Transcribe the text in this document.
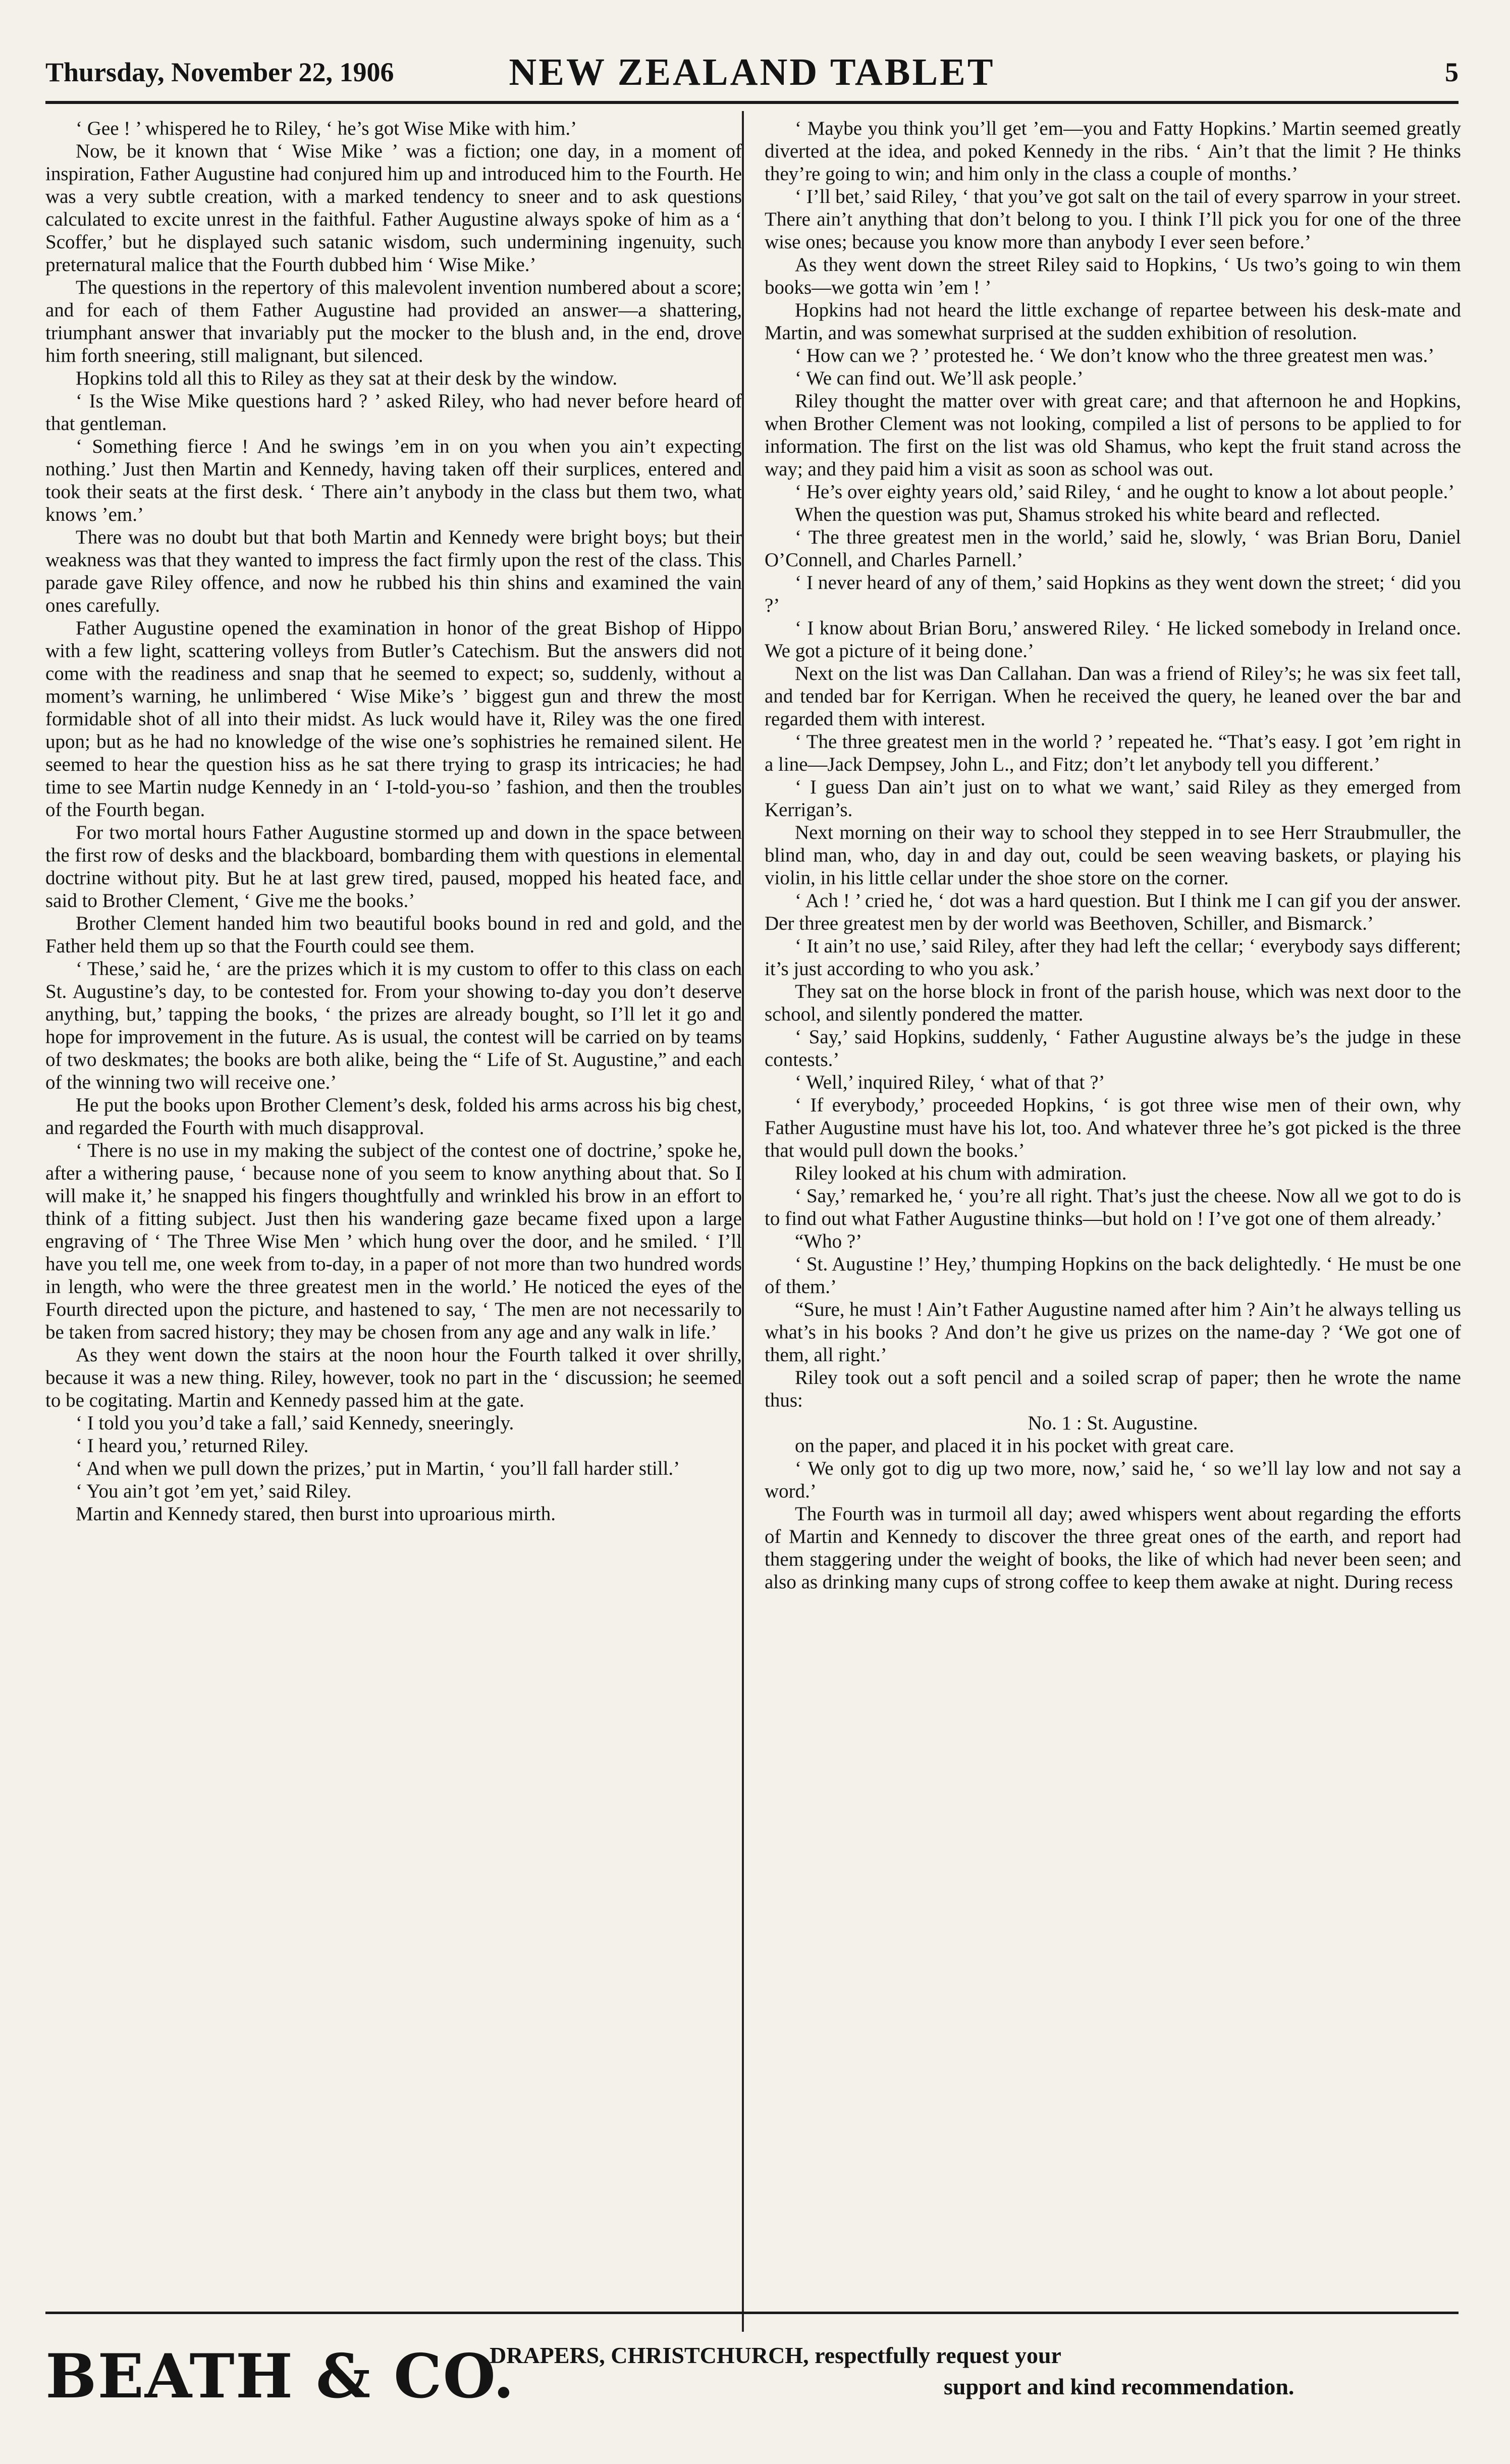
Thursday, November 22, 1906	NEW ZEALAND TABLET	5

‘ Gee ! ’ whispered he to Riley, ‘ he’s got Wise Mike with him.’

Now, be it known that ‘ Wise Mike ’ was a fiction; one day, in a moment of inspiration, Father Augustine had conjured him up and introduced him to the Fourth. He was a very subtle creation, with a marked tendency to sneer and to ask questions calculated to excite unrest in the faithful. Father Augustine always spoke of him as a ‘ Scoffer,’ but he displayed such satanic wisdom, such undermining ingenuity, such preternatural malice that the Fourth dubbed him ‘ Wise Mike.’

The questions in the repertory of this malevolent invention numbered about a score; and for each of them Father Augustine had provided an answer—a shattering, triumphant answer that invariably put the mocker to the blush and, in the end, drove him forth sneering, still malignant, but silenced.

Hopkins told all this to Riley as they sat at their desk by the window.

‘ Is the Wise Mike questions hard ? ’ asked Riley, who had never before heard of that gentleman.

‘ Something fierce ! And he swings ’em in on you when you ain’t expecting nothing.’ Just then Martin and Kennedy, having taken off their surplices, entered and took their seats at the first desk. ‘ There ain’t anybody in the class but them two, what knows ’em.’

There was no doubt but that both Martin and Kennedy were bright boys; but their weakness was that they wanted to impress the fact firmly upon the rest of the class. This parade gave Riley offence, and now he rubbed his thin shins and examined the vain ones carefully.

Father Augustine opened the examination in honor of the great Bishop of Hippo with a few light, scattering volleys from Butler’s Catechism. But the answers did not come with the readiness and snap that he seemed to expect; so, suddenly, without a moment’s warning, he unlimbered ‘ Wise Mike’s ’ biggest gun and threw the most formidable shot of all into their midst. As luck would have it, Riley was the one fired upon; but as he had no knowledge of the wise one’s sophistries he remained silent. He seemed to hear the question hiss as he sat there trying to grasp its intricacies; he had time to see Martin nudge Kennedy in an ‘ I-told-you-so ’ fashion, and then the troubles of the Fourth began.

For two mortal hours Father Augustine stormed up and down in the space between the first row of desks and the blackboard, bombarding them with questions in elemental doctrine without pity. But he at last grew tired, paused, mopped his heated face, and said to Brother Clement, ‘ Give me the books.’

Brother Clement handed him two beautiful books bound in red and gold, and the Father held them up so that the Fourth could see them.

‘ These,’ said he, ‘ are the prizes which it is my custom to offer to this class on each St. Augustine’s day, to be contested for. From your showing to-day you don’t deserve anything, but,’ tapping the books, ‘ the prizes are already bought, so I’ll let it go and hope for improvement in the future. As is usual, the contest will be carried on by teams of two deskmates; the books are both alike, being the “ Life of St. Augustine,” and each of the winning two will receive one.’

He put the books upon Brother Clement’s desk, folded his arms across his big chest, and regarded the Fourth with much disapproval.

‘ There is no use in my making the subject of the contest one of doctrine,’ spoke he, after a withering pause, ‘ because none of you seem to know anything about that. So I will make it,’ he snapped his fingers thoughtfully and wrinkled his brow in an effort to think of a fitting subject. Just then his wandering gaze became fixed upon a large engraving of ‘ The Three Wise Men ’ which hung over the door, and he smiled. ‘ I’ll have you tell me, one week from to-day, in a paper of not more than two hundred words in length, who were the three greatest men in the world.’ He noticed the eyes of the Fourth directed upon the picture, and hastened to say, ‘ The men are not necessarily to be taken from sacred history; they may be chosen from any age and any walk in life.’

As they went down the stairs at the noon hour the Fourth talked it over shrilly, because it was a new thing. Riley, however, took no part in the ‘ discussion; he seemed to be cogitating. Martin and Kennedy passed him at the gate.

‘ I told you you’d take a fall,’ said Kennedy, sneeringly.

‘ I heard you,’ returned Riley.

‘ And when we pull down the prizes,’ put in Martin, ‘ you’ll fall harder still.’

‘ You ain’t got ’em yet,’ said Riley.

Martin and Kennedy stared, then burst into uproarious mirth.

‘ Maybe you think you’ll get ’em—you and Fatty Hopkins.’ Martin seemed greatly diverted at the idea, and poked Kennedy in the ribs. ‘ Ain’t that the limit ? He thinks they’re going to win; and him only in the class a couple of months.’

‘ I’ll bet,’ said Riley, ‘ that you’ve got salt on the tail of every sparrow in your street. There ain’t anything that don’t belong to you. I think I’ll pick you for one of the three wise ones; because you know more than anybody I ever seen before.’

As they went down the street Riley said to Hopkins, ‘ Us two’s going to win them books—we gotta win ’em ! ’

Hopkins had not heard the little exchange of repartee between his desk-mate and Martin, and was somewhat surprised at the sudden exhibition of resolution.

‘ How can we ? ’ protested he. ‘ We don’t know who the three greatest men was.’

‘ We can find out. We’ll ask people.’

Riley thought the matter over with great care; and that afternoon he and Hopkins, when Brother Clement was not looking, compiled a list of persons to be applied to for information. The first on the list was old Shamus, who kept the fruit stand across the way; and they paid him a visit as soon as school was out.

‘ He’s over eighty years old,’ said Riley, ‘ and he ought to know a lot about people.’

When the question was put, Shamus stroked his white beard and reflected.

‘ The three greatest men in the world,’ said he, slowly, ‘ was Brian Boru, Daniel O’Connell, and Charles Parnell.’

‘ I never heard of any of them,’ said Hopkins as they went down the street; ‘ did you ?’

‘ I know about Brian Boru,’ answered Riley. ‘ He licked somebody in Ireland once. We got a picture of it being done.’

Next on the list was Dan Callahan. Dan was a friend of Riley’s; he was six feet tall, and tended bar for Kerrigan. When he received the query, he leaned over the bar and regarded them with interest.

‘ The three greatest men in the world ? ’ repeated he. “That’s easy. I got ’em right in a line—Jack Dempsey, John L., and Fitz; don’t let anybody tell you different.’

‘ I guess Dan ain’t just on to what we want,’ said Riley as they emerged from Kerrigan’s.

Next morning on their way to school they stepped in to see Herr Straubmuller, the blind man, who, day in and day out, could be seen weaving baskets, or playing his violin, in his little cellar under the shoe store on the corner.

‘ Ach ! ’ cried he, ‘ dot was a hard question. But I think me I can gif you der answer. Der three greatest men by der world was Beethoven, Schiller, and Bismarck.’

‘ It ain’t no use,’ said Riley, after they had left the cellar; ‘ everybody says different; it’s just according to who you ask.’

They sat on the horse block in front of the parish house, which was next door to the school, and silently pondered the matter.

‘ Say,’ said Hopkins, suddenly, ‘ Father Augustine always be’s the judge in these contests.’

‘ Well,’ inquired Riley, ‘ what of that ?’

‘ If everybody,’ proceeded Hopkins, ‘ is got three wise men of their own, why Father Augustine must have his lot, too. And whatever three he’s got picked is the three that would pull down the books.’

Riley looked at his chum with admiration.

‘ Say,’ remarked he, ‘ you’re all right. That’s just the cheese. Now all we got to do is to find out what Father Augustine thinks—but hold on ! I’ve got one of them already.’

“Who ?’

‘ St. Augustine !’ Hey,’ thumping Hopkins on the back delightedly. ‘ He must be one of them.’

“Sure, he must ! Ain’t Father Augustine named after him ? Ain’t he always telling us what’s in his books ? And don’t he give us prizes on the name-day ? ‘We got one of them, all right.’

Riley took out a soft pencil and a soiled scrap of paper; then he wrote the name thus:

No. 1 : St. Augustine.

on the paper, and placed it in his pocket with great care.

‘ We only got to dig up two more, now,’ said he, ‘ so we’ll lay low and not say a word.’

The Fourth was in turmoil all day; awed whispers went about regarding the efforts of Martin and Kennedy to discover the three great ones of the earth, and report had them staggering under the weight of books, the like of which had never been seen; and also as drinking many cups of strong coffee to keep them awake at night. During recess

BEATH & CO.
DRAPERS, CHRISTCHURCH, respectfully request your
support and kind recommendation.
